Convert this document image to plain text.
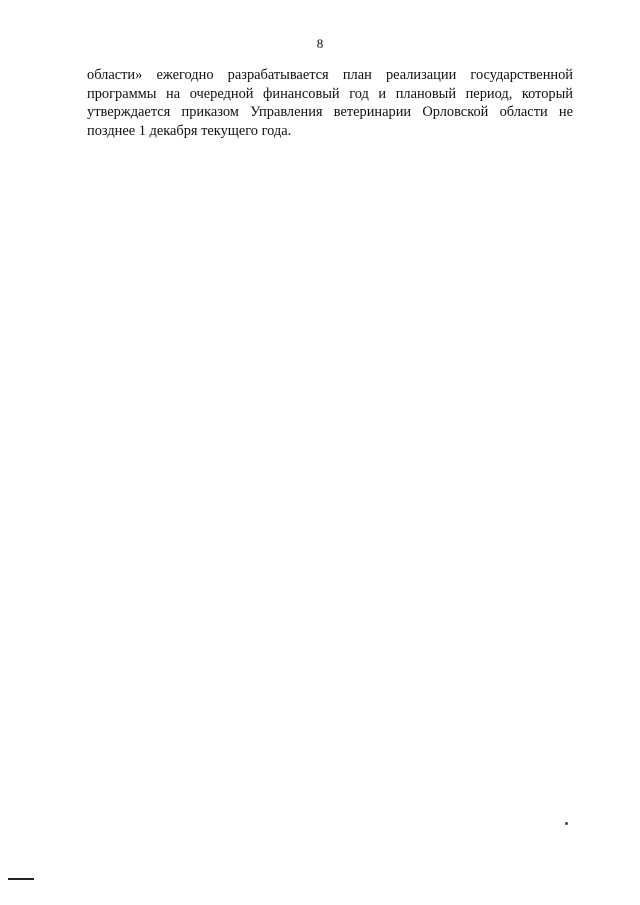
8

области» ежегодно разрабатывается план реализации государственной программы на очередной финансовый год и плановый период, который утверждается приказом Управления ветеринарии Орловской области не позднее 1 декабря текущего года.
